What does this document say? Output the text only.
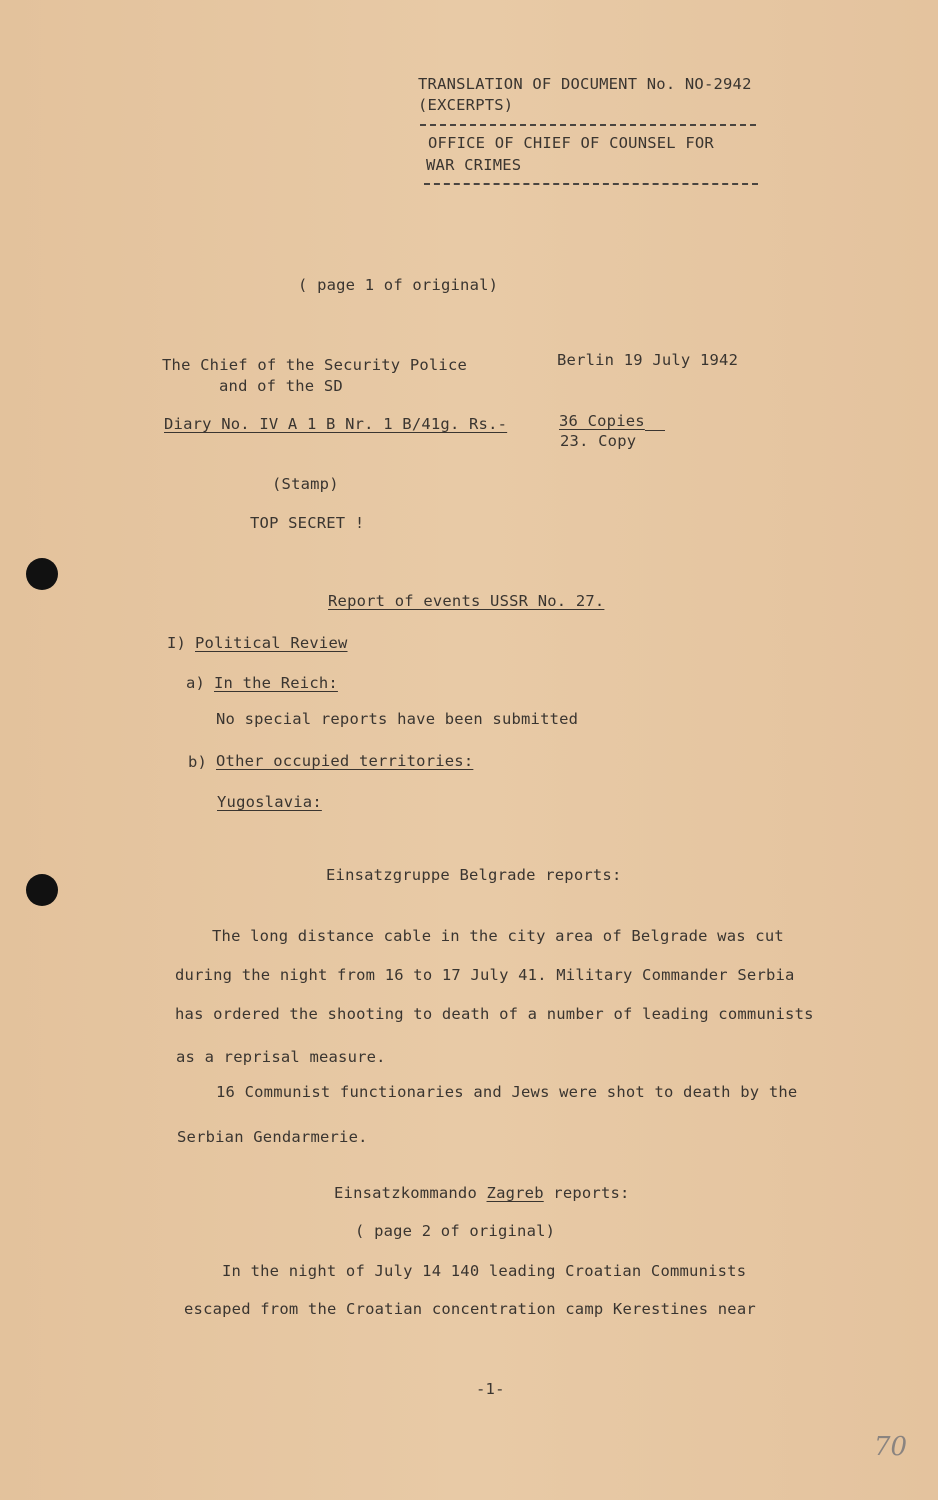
TRANSLATION OF DOCUMENT No. NO-2942
(EXCERPTS)
OFFICE OF CHIEF OF COUNSEL FOR
WAR CRIMES
( page 1 of original)
The Chief of the Security Police
and of the SD
Berlin 19 July 1942
Diary No. IV A 1 B Nr. 1 B/41g. Rs.-	36 Copies
23. Copy
(Stamp)
TOP SECRET !
Report of events USSR No. 27.
I) Political Review
a) In the Reich:
No special reports have been submitted
b) Other occupied territories:
Yugoslavia:
Einsatzgruppe Belgrade reports:
The long distance cable in the city area of Belgrade was cut
during the night from 16 to 17 July 41. Military Commander Serbia
has ordered the shooting to death of a number of leading communists
as a reprisal measure.
16 Communist functionaries and Jews were shot to death by the
Serbian Gendarmerie.
Einsatzkommando Zagreb reports:
( page 2 of original)
In the night of July 14 140 leading Croatian Communists
escaped from the Croatian concentration camp Kerestines near
-1-
70
